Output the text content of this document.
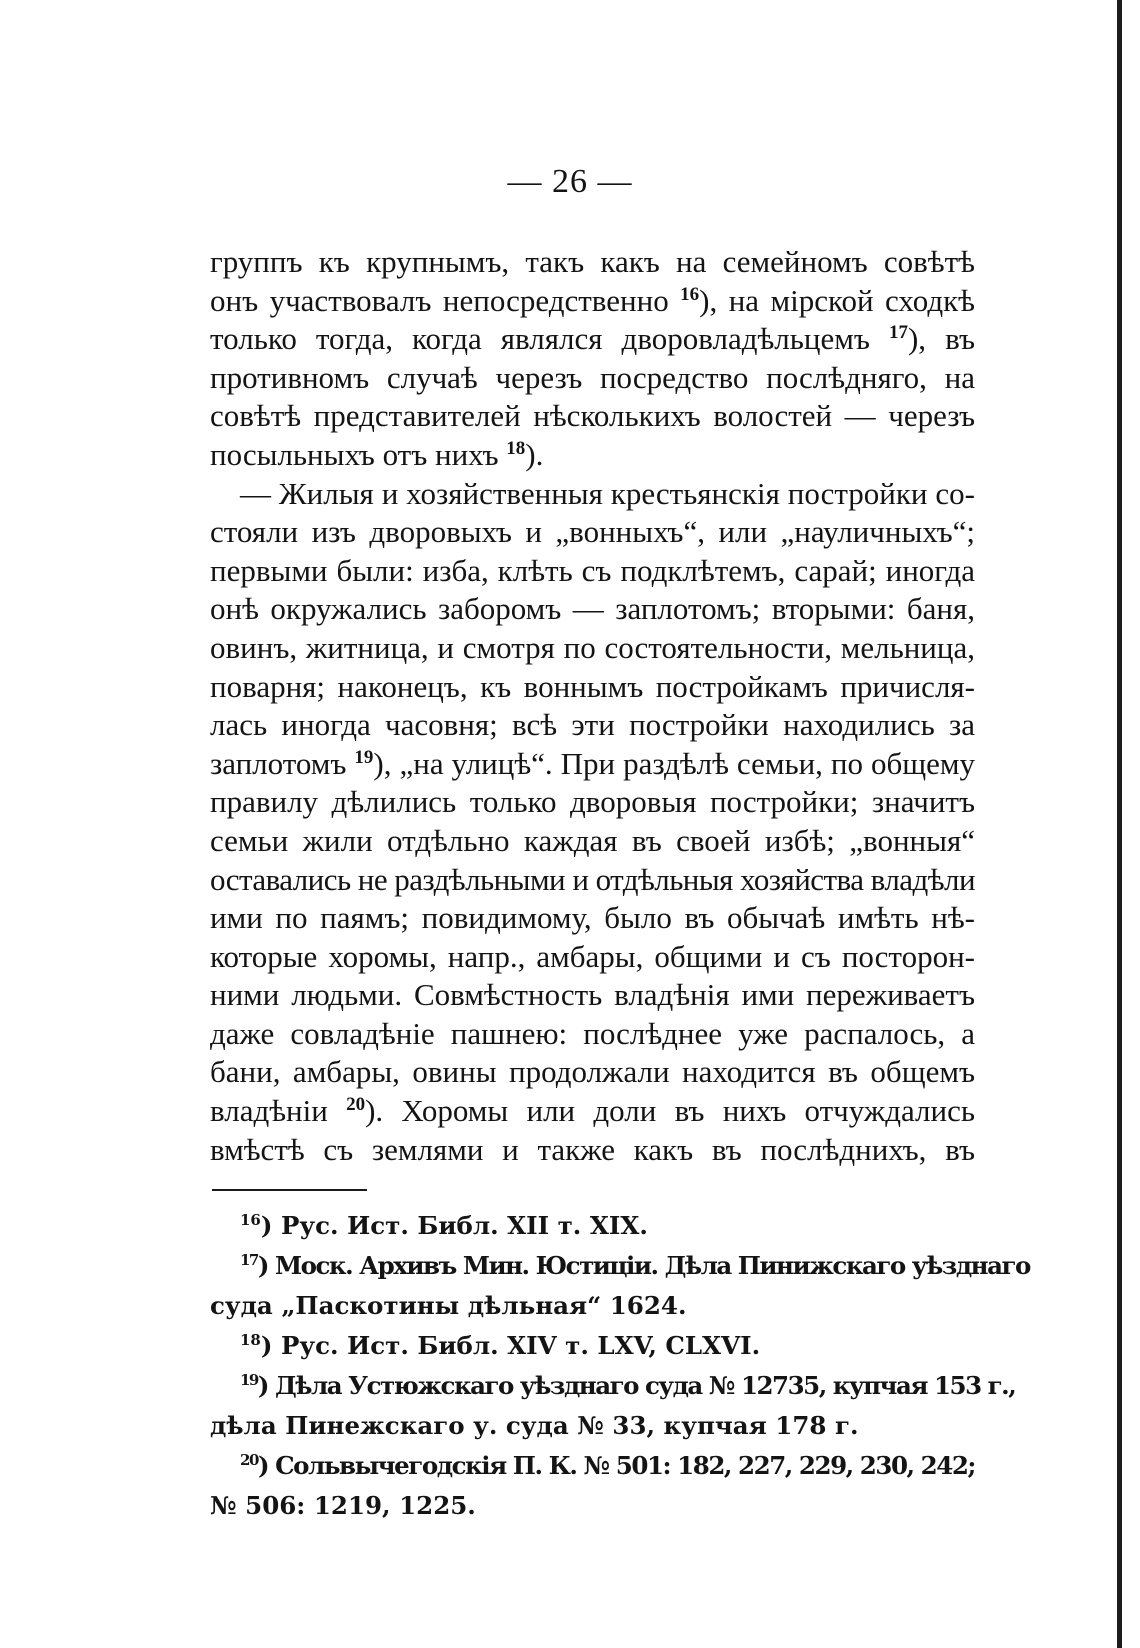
— 26 —
группъ къ крупнымъ, такъ какъ на семейномъ совѣтѣ
онъ участвовалъ непосредственно $^{16}$), на мірской сходкѣ
только тогда, когда являлся дворовладѣльцемъ $^{17}$), въ
противномъ случаѣ черезъ посредство послѣдняго, на
совѣтѣ представителей нѣсколькихъ волостей — черезъ
посыльныхъ отъ нихъ $^{18}$).
— Жилыя и хозяйственныя крестьянскія постройки со-
стояли изъ дворовыхъ и „вонныхъ“, или „науличныхъ“;
первыми были: изба, клѣть съ подклѣтемъ, сарай; иногда
онѣ окружались заборомъ — заплотомъ; вторыми: баня,
овинъ, житница, и смотря по состоятельности, мельница,
поварня; наконецъ, къ воннымъ постройкамъ причисля-
лась иногда часовня; всѣ эти постройки находились за
заплотомъ $^{19}$), „на улицѣ“. При раздѣлѣ семьи, по общему
правилу дѣлились только дворовыя постройки; значитъ
семьи жили отдѣльно каждая въ своей избѣ; „вонныя“
оставались не раздѣльными и отдѣльныя хозяйства владѣли
ими по паямъ; повидимому, было въ обычаѣ имѣть нѣ-
которые хоромы, напр., амбары, общими и съ посторон-
ними людьми. Совмѣстность владѣнія ими переживаетъ
даже совладѣніе пашнею: послѣднее уже распалось, а
бани, амбары, овины продолжали находится въ общемъ
владѣніи $^{20}$). Хоромы или доли въ нихъ отчуждались
вмѣстѣ съ землями и также какъ въ послѣднихъ, въ
$^{16}$) Рус. Ист. Библ. XII т. XIX.
$^{17}$) Моск. Архивъ Мин. Юстиціи. Дѣла Пинижскаго уѣзднаго
суда „Паскотины дѣльная“ 1624.
$^{18}$) Рус. Ист. Библ. XIV т. LXV, CLXVI.
$^{19}$) Дѣла Устюжскаго уѣзднаго суда № 12735, купчая 153 г.,
дѣла Пинежскаго у. суда № 33, купчая 178 г.
$^{20}$) Сольвычегодскія П. К. № 501: 182, 227, 229, 230, 242;
№ 506: 1219, 1225.
